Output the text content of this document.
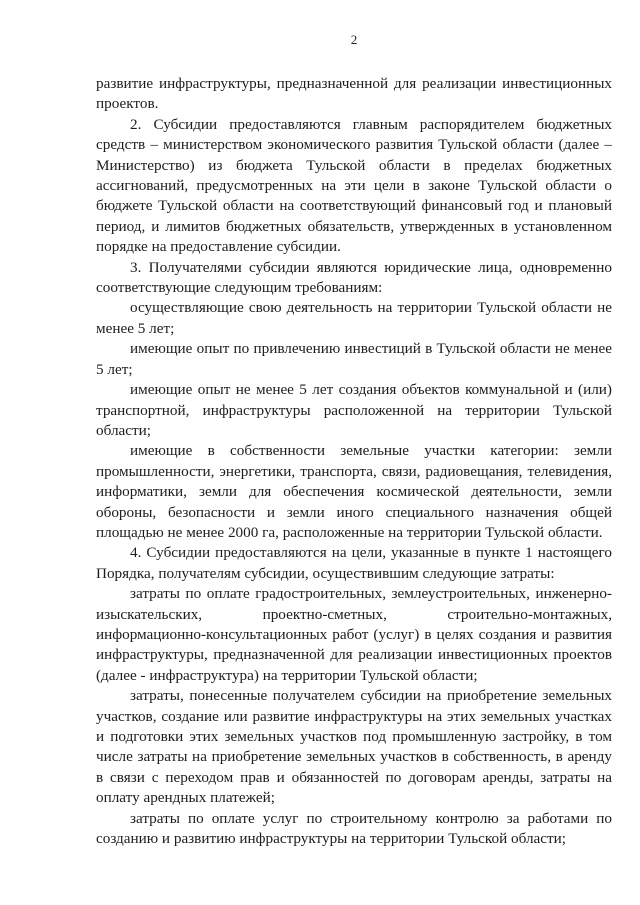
2

развитие инфраструктуры, предназначенной для реализации инвестиционных проектов.

2. Субсидии предоставляются главным распорядителем бюджетных средств – министерством экономического развития Тульской области (далее – Министерство) из бюджета Тульской области в пределах бюджетных ассигнований, предусмотренных на эти цели в законе Тульской области о бюджете Тульской области на соответствующий финансовый год и плановый период, и лимитов бюджетных обязательств, утвержденных в установленном порядке на предоставление субсидии.

3. Получателями субсидии являются юридические лица, одновременно соответствующие следующим требованиям:

осуществляющие свою деятельность на территории Тульской области не менее 5 лет;

имеющие опыт по привлечению инвестиций в Тульской области не менее 5 лет;

имеющие опыт не менее 5 лет создания объектов коммунальной и (или) транспортной, инфраструктуры расположенной на территории Тульской области;

имеющие в собственности земельные участки категории: земли промышленности, энергетики, транспорта, связи, радиовещания, телевидения, информатики, земли для обеспечения космической деятельности, земли обороны, безопасности и земли иного специального назначения общей площадью не менее 2000 га, расположенные на территории Тульской области.

4. Субсидии предоставляются на цели, указанные в пункте 1 настоящего Порядка, получателям субсидии, осуществившим следующие затраты:

затраты по оплате градостроительных, землеустроительных, инженерно-изыскательских, проектно-сметных, строительно-монтажных, информационно-консультационных работ (услуг) в целях создания и развития инфраструктуры, предназначенной для реализации инвестиционных проектов (далее - инфраструктура) на территории Тульской области;

затраты, понесенные получателем субсидии на приобретение земельных участков, создание или развитие инфраструктуры на этих земельных участках и подготовки этих земельных участков под промышленную застройку, в том числе затраты на приобретение земельных участков в собственность, в аренду в связи с переходом прав и обязанностей по договорам аренды, затраты на оплату арендных платежей;

затраты по оплате услуг по строительному контролю за работами по созданию и развитию инфраструктуры на территории Тульской области;
